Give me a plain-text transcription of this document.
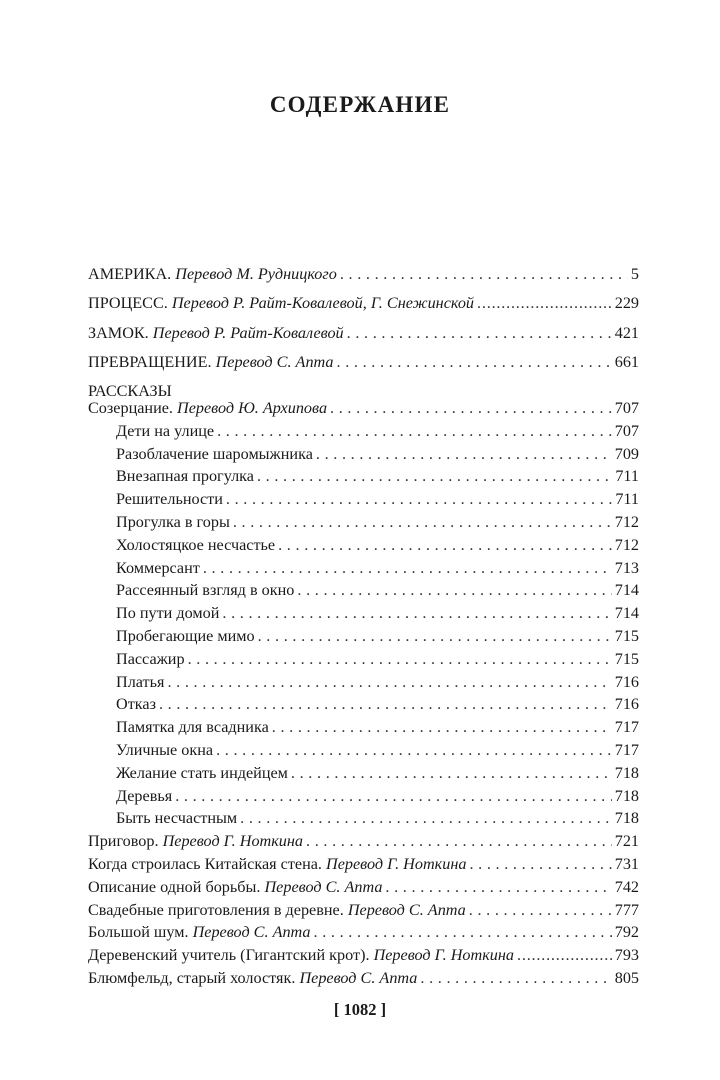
СОДЕРЖАНИЕ
АМЕРИКА. Перевод М. Рудницкого . . .	5
ПРОЦЕСС. Перевод Р. Райт-Ковалевой, Г. Снежинской .....	229
ЗАМОК. Перевод Р. Райт-Ковалевой . . .	421
ПРЕВРАЩЕНИЕ. Перевод С. Апта . . .	661
РАССКАЗЫ
Созерцание. Перевод Ю. Архипова . . .	707
Дети на улице . . .	707
Разоблачение шаромыжника . . .	709
Внезапная прогулка . . .	711
Решительности . . .	711
Прогулка в горы . . .	712
Холостяцкое несчастье . . .	712
Коммерсант . . .	713
Рассеянный взгляд в окно . . .	714
По пути домой . . .	714
Пробегающие мимо . . .	715
Пассажир . . .	715
Платья . . .	716
Отказ . . .	716
Памятка для всадника . . .	717
Уличные окна . . .	717
Желание стать индейцем . . .	718
Деревья . . .	718
Быть несчастным . . .	718
Приговор. Перевод Г. Ноткина . . .	721
Когда строилась Китайская стена. Перевод Г. Ноткина . . .	731
Описание одной борьбы. Перевод С. Апта . . .	742
Свадебные приготовления в деревне. Перевод С. Апта . . .	777
Большой шум. Перевод С. Апта . . .	792
Деревенский учитель (Гигантский крот). Перевод Г. Ноткина .....	793
Блюмфельд, старый холостяк. Перевод С. Апта . . .	805
[ 1082 ]
